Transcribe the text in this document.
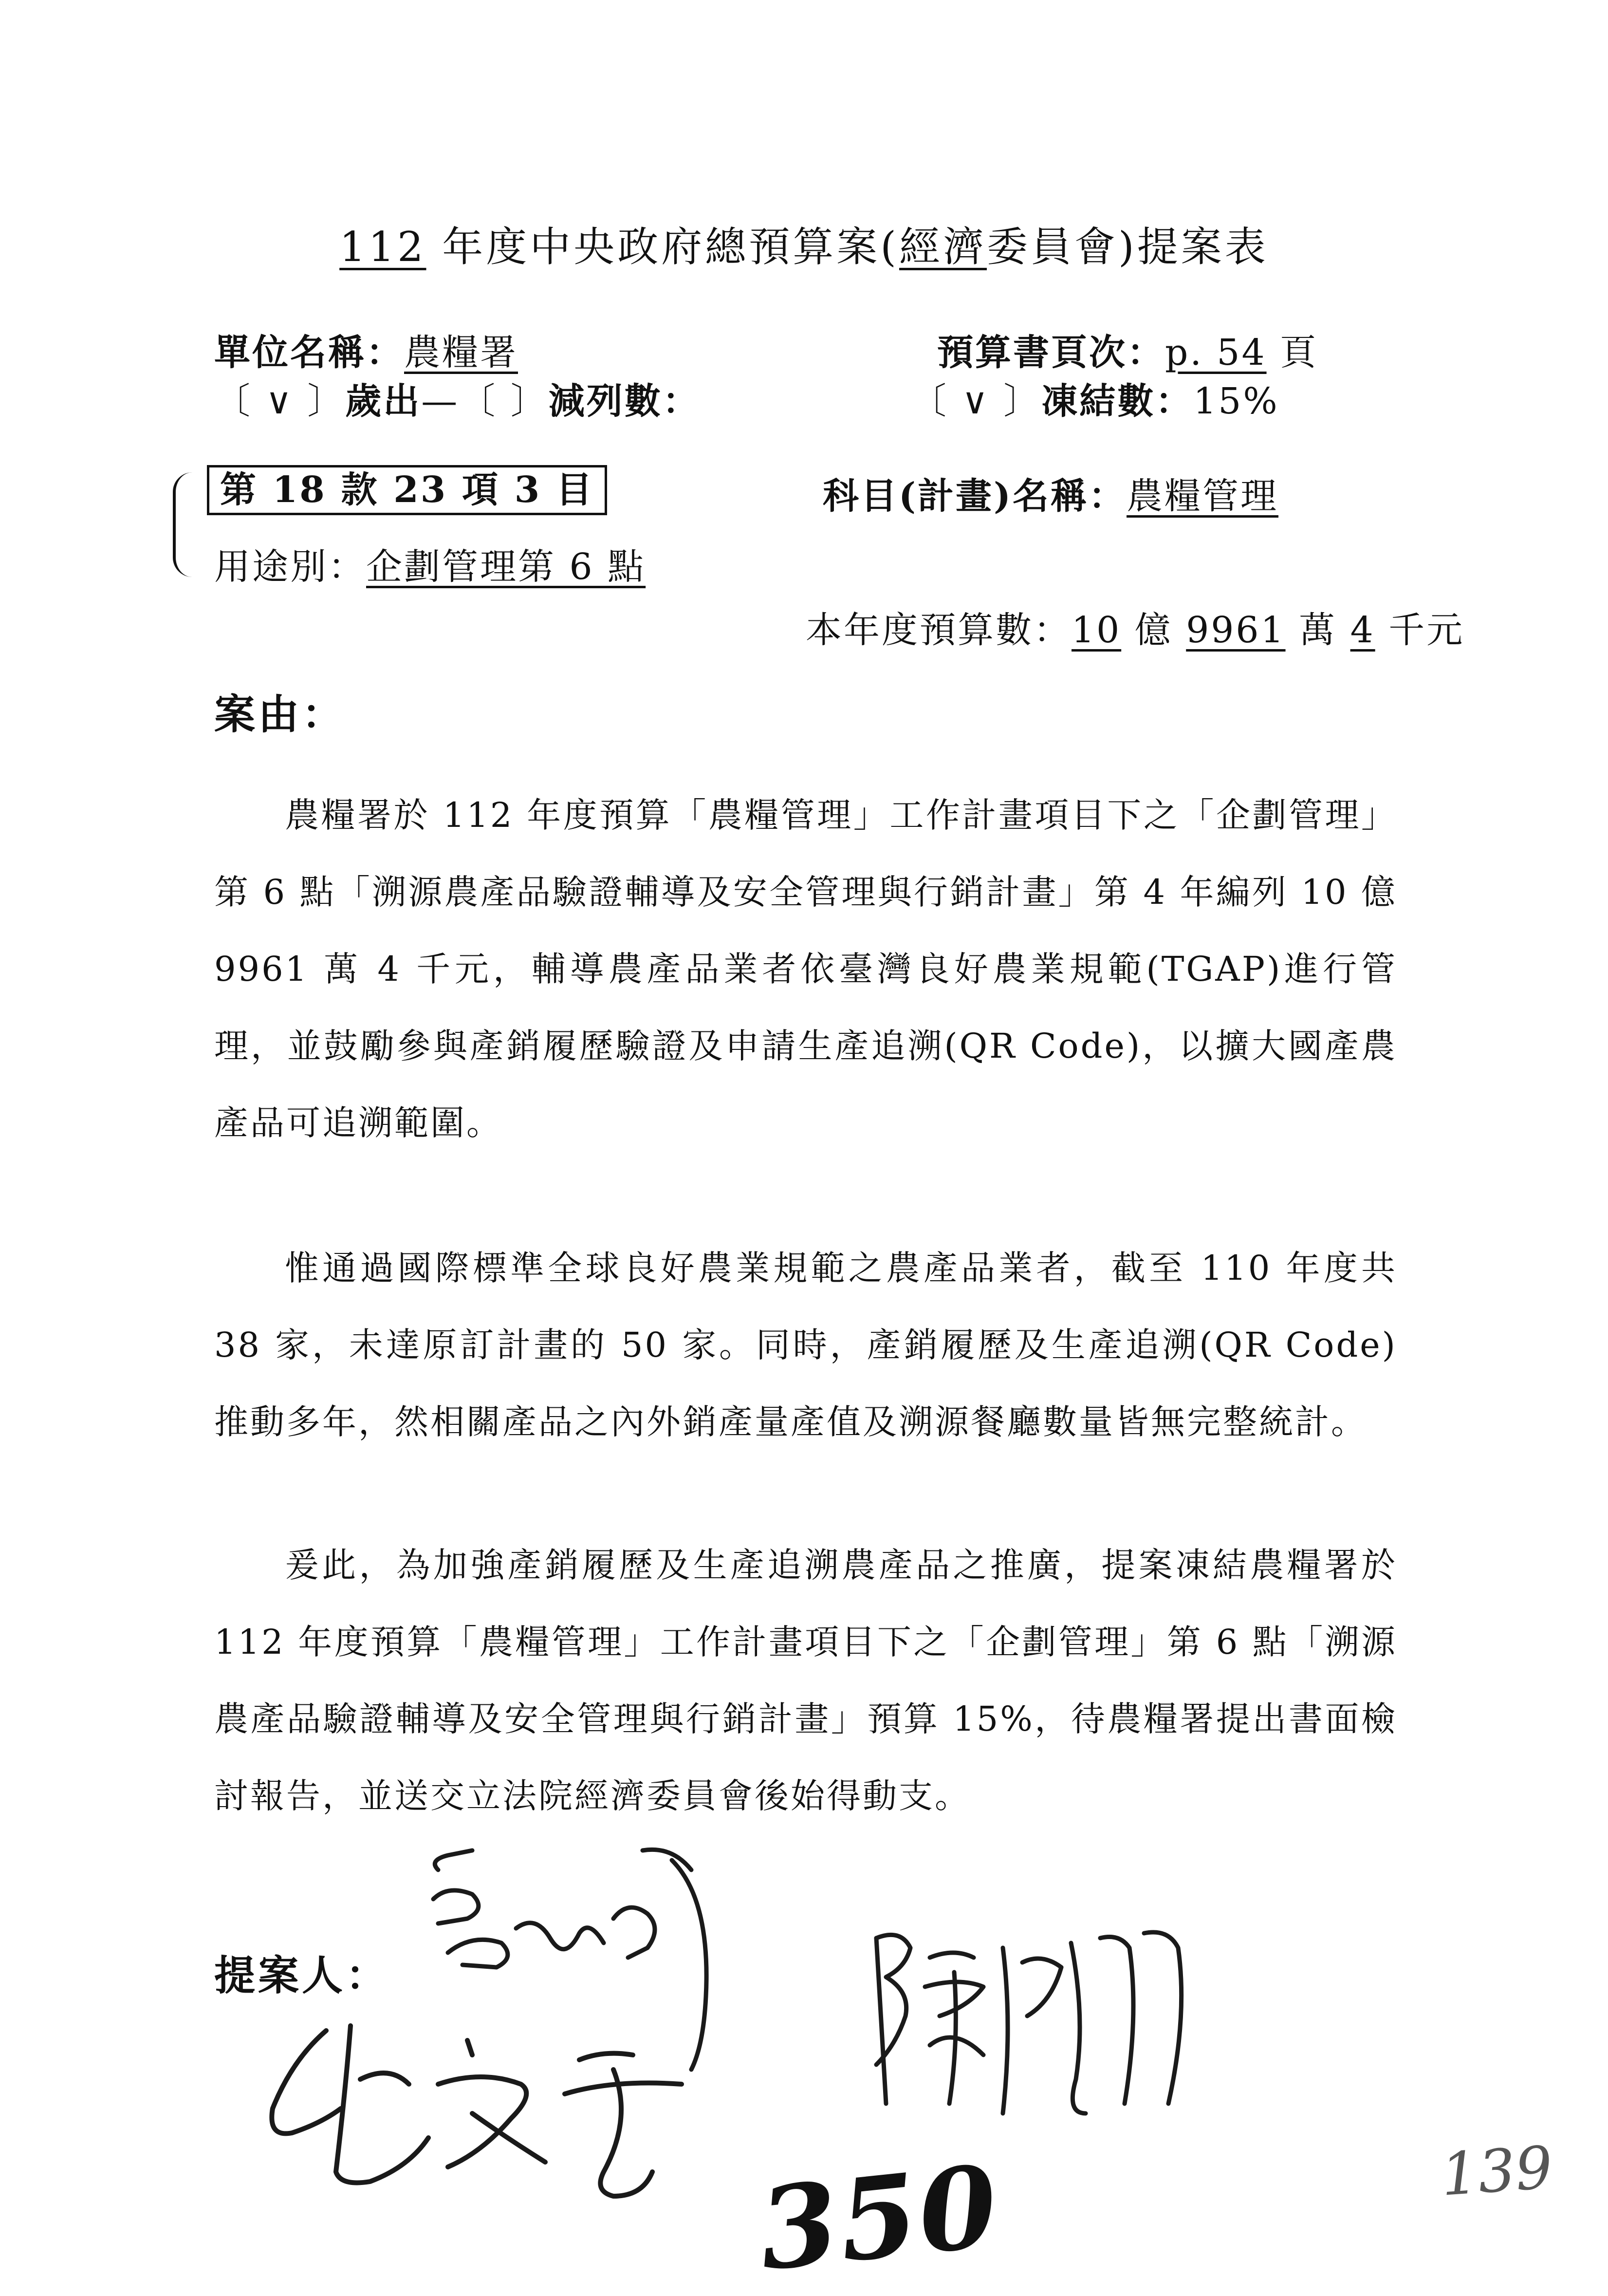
112 年度中央政府總預算案(經濟委員會)提案表
單位名稱：農糧署	預算書頁次：p. 54 頁
〔 ∨ 〕歲出—〔 〕減列數：	〔 ∨ 〕凍結數：15%
第 18 款 23 項 3 目	科目(計畫)名稱：農糧管理
用途別：企劃管理第 6 點
本年度預算數：10 億 9961 萬 4 千元
案由：

農糧署於 112 年度預算「農糧管理」工作計畫項目下之「企劃管理」第 6 點「溯源農產品驗證輔導及安全管理與行銷計畫」第 4 年編列 10 億 9961 萬 4 千元，輔導農產品業者依臺灣良好農業規範(TGAP)進行管理，並鼓勵參與產銷履歷驗證及申請生產追溯(QR Code)，以擴大國產農產品可追溯範圍。

惟通過國際標準全球良好農業規範之農產品業者，截至 110 年度共 38 家，未達原訂計畫的 50 家。同時，產銷履歷及生產追溯(QR Code)推動多年，然相關產品之內外銷產量產值及溯源餐廳數量皆無完整統計。

爰此，為加強產銷履歷及生產追溯農產品之推廣，提案凍結農糧署於 112 年度預算「農糧管理」工作計畫項目下之「企劃管理」第 6 點「溯源農產品驗證輔導及安全管理與行銷計畫」預算 15%，待農糧署提出書面檢討報告，並送交立法院經濟委員會後始得動支。

提案人：
350	139
